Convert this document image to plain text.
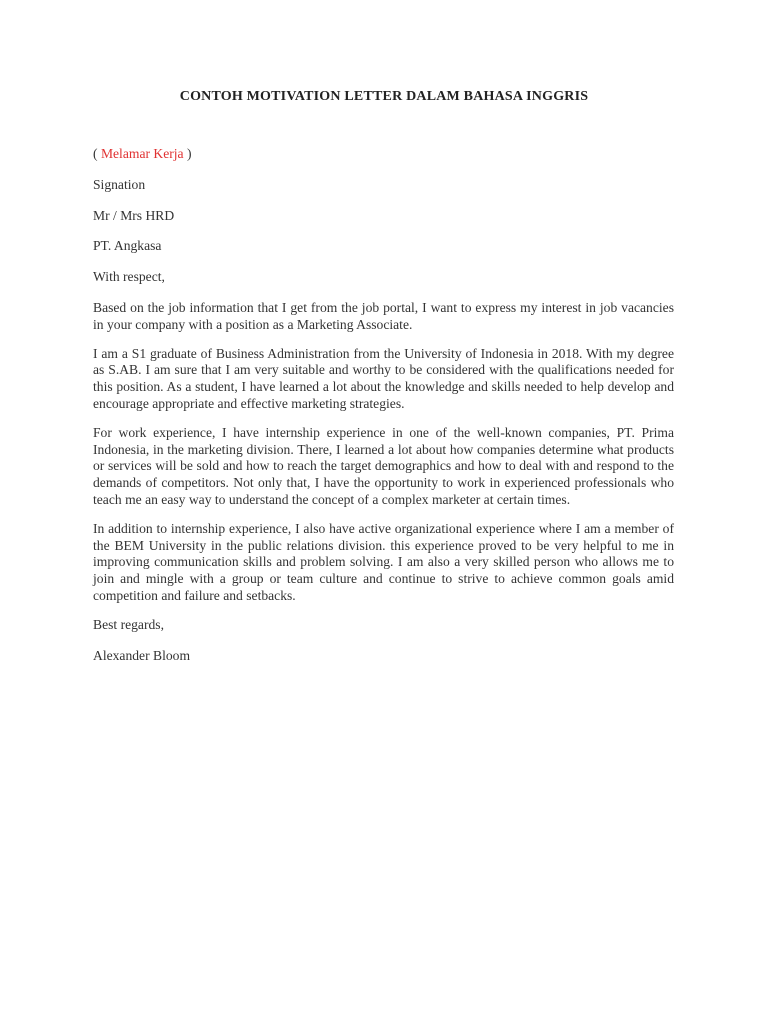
CONTOH MOTIVATION LETTER DALAM BAHASA INGGRIS

( Melamar Kerja )

Signation

Mr / Mrs HRD

PT. Angkasa

With respect,

Based on the job information that I get from the job portal, I want to express my interest in job vacancies in your company with a position as a Marketing Associate.

I am a S1 graduate of Business Administration from the University of Indonesia in 2018. With my degree as S.AB. I am sure that I am very suitable and worthy to be considered with the qualifications needed for this position. As a student, I have learned a lot about the knowledge and skills needed to help develop and encourage appropriate and effective marketing strategies.

For work experience, I have internship experience in one of the well-known companies, PT. Prima Indonesia, in the marketing division. There, I learned a lot about how companies determine what products or services will be sold and how to reach the target demographics and how to deal with and respond to the demands of competitors. Not only that, I have the opportunity to work in experienced professionals who teach me an easy way to understand the concept of a complex marketer at certain times.

In addition to internship experience, I also have active organizational experience where I am a member of the BEM University in the public relations division. this experience proved to be very helpful to me in improving communication skills and problem solving. I am also a very skilled person who allows me to join and mingle with a group or team culture and continue to strive to achieve common goals amid competition and failure and setbacks.

Best regards,

Alexander Bloom
